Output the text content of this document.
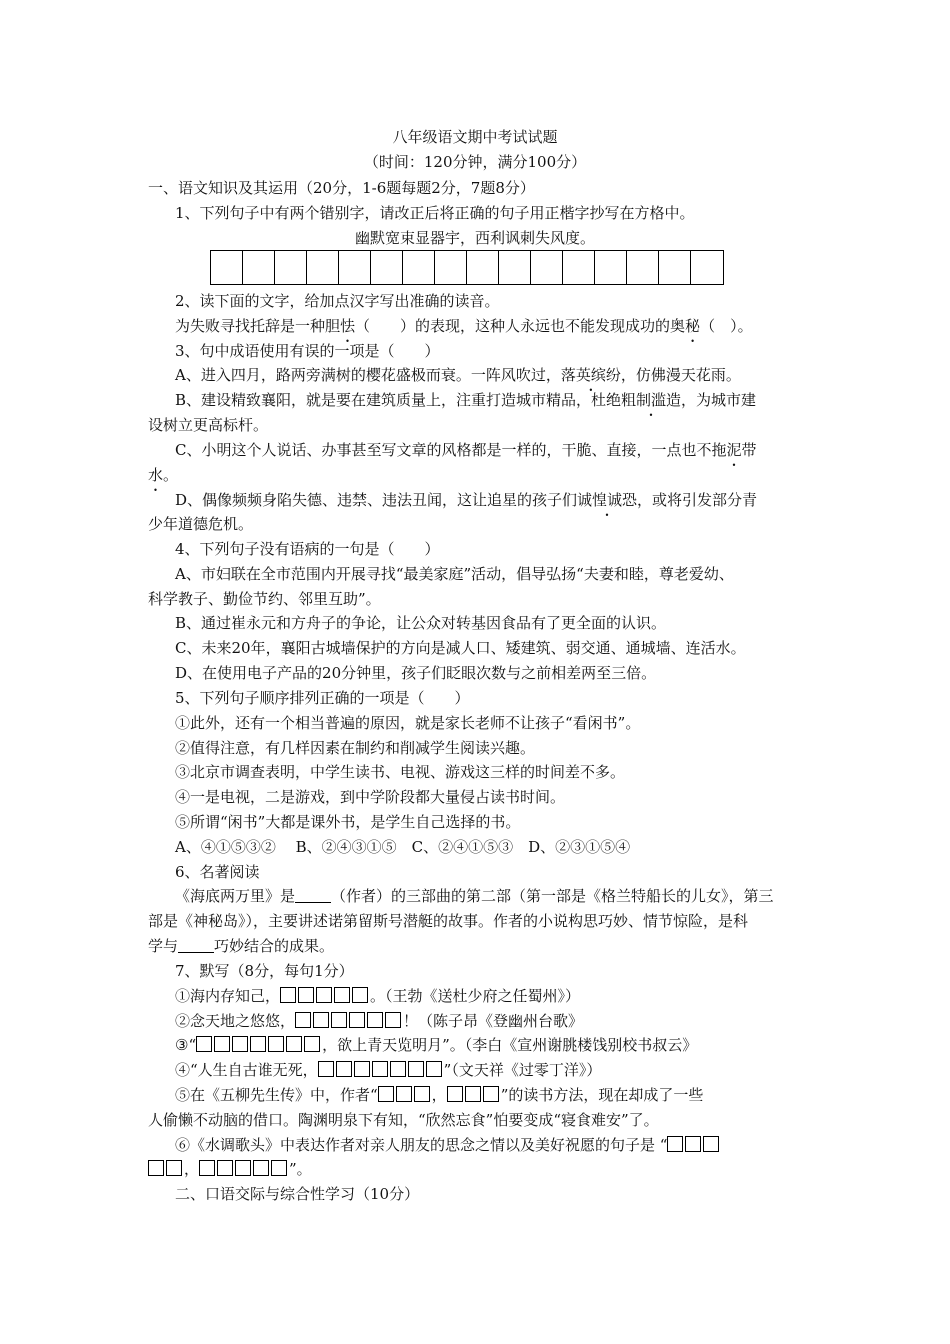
八年级语文期中考试试题
（时间：120分钟，满分100分）
一、语文知识及其运用（20分，1-6题每题2分，7题8分）
1、下列句子中有两个错别字，请改正后将正确的句子用正楷字抄写在方格中。
幽默宽束显器宇，西利讽刺失风度。
2、读下面的文字，给加点汉字写出准确的读音。
为失败寻找托辞是一种胆怯（　　）的表现，这种人永远也不能发现成功的奥秘（　）。
3、句中成语使用有误的一项是（　　）
A、进入四月，路两旁满树的樱花盛极而衰。一阵风吹过，落英缤纷，仿佛漫天花雨。
B、建设精致襄阳，就是要在建筑质量上，注重打造城市精品，杜绝粗制滥造，为城市建
设树立更高标杆。
C、小明这个人说话、办事甚至写文章的风格都是一样的，干脆、直接，一点也不拖泥带
水。
D、偶像频频身陷失德、违禁、违法丑闻，这让追星的孩子们诚惶诚恐，或将引发部分青
少年道德危机。
4、下列句子没有语病的一句是（　　）
A、市妇联在全市范围内开展寻找“最美家庭”活动，倡导弘扬“夫妻和睦，尊老爱幼、
科学教子、勤俭节约、邻里互助”。
B、通过崔永元和方舟子的争论，让公众对转基因食品有了更全面的认识。
C、未来20年，襄阳古城墙保护的方向是减人口、矮建筑、弱交通、通城墙、连活水。
D、在使用电子产品的20分钟里，孩子们眨眼次数与之前相差两至三倍。
5、下列句子顺序排列正确的一项是（　　）
①此外，还有一个相当普遍的原因，就是家长老师不让孩子“看闲书”。
②值得注意，有几样因素在制约和削减学生阅读兴趣。
③北京市调查表明，中学生读书、电视、游戏这三样的时间差不多。
④一是电视，二是游戏，到中学阶段都大量侵占读书时间。
⑤所谓“闲书”大都是课外书，是学生自己选择的书。
A、④①⑤③②　 B、②④③①⑤　C、②④①⑤③　D、②③①⑤④
6、名著阅读
《海底两万里》是 （作者）的三部曲的第二部（第一部是《格兰特船长的儿女》，第三
部是《神秘岛》），主要讲述诺第留斯号潜艇的故事。作者的小说构思巧妙、情节惊险，是科
学与 巧妙结合的成果。
7、默写（8分，每句1分）
①海内存知己，	。（王勃《送杜少府之任蜀州》）
②念天地之悠悠，	！（陈子昂《登幽州台歌》
③“	，欲上青天览明月”。（李白《宣州谢朓楼饯别校书叔云》
④“人生自古谁无死，	”（文天祥《过零丁洋》）
⑤在《五柳先生传》中，作者“	，	”的读书方法，现在却成了一些
人偷懒不动脑的借口。陶渊明泉下有知，“欣然忘食”怕要变成“寝食难安”了。
⑥《水调歌头》中表达作者对亲人朋友的思念之情以及美好祝愿的句子是 “
，	”。
二、口语交际与综合性学习（10分）
